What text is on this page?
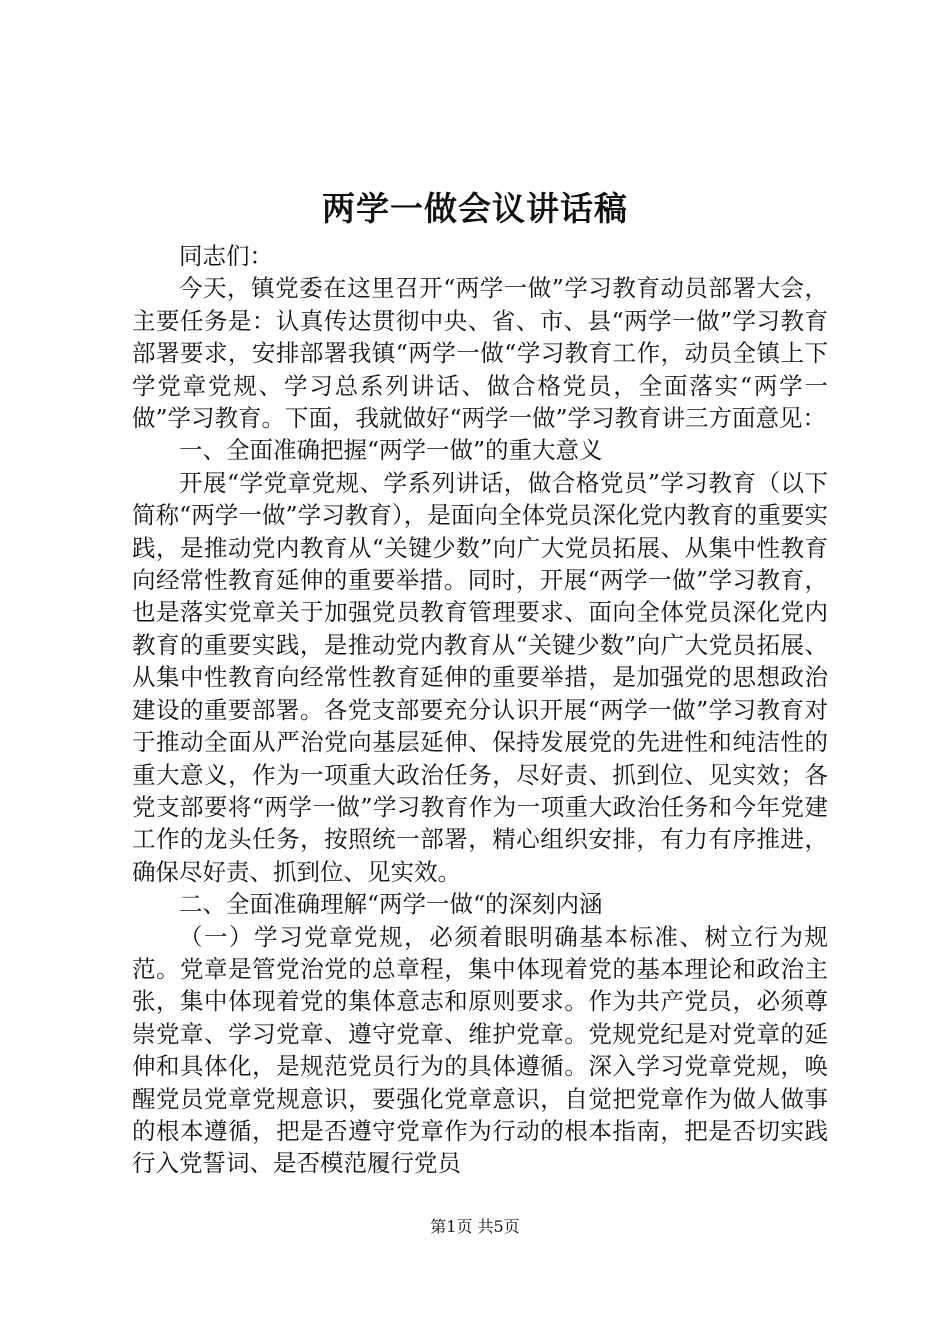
两学一做会议讲话稿

同志们：

今天，镇党委在这里召开“两学一做”学习教育动员部署大会，主要任务是：认真传达贯彻中央、省、市、县“两学一做”学习教育部署要求，安排部署我镇“两学一做“学习教育工作，动员全镇上下学党章党规、学习总系列讲话、做合格党员，全面落实“两学一做”学习教育。下面，我就做好“两学一做”学习教育讲三方面意见：

一、全面准确把握“两学一做”的重大意义

开展“学党章党规、学系列讲话，做合格党员”学习教育（以下简称“两学一做”学习教育），是面向全体党员深化党内教育的重要实践，是推动党内教育从“关键少数”向广大党员拓展、从集中性教育向经常性教育延伸的重要举措。同时，开展“两学一做”学习教育，也是落实党章关于加强党员教育管理要求、面向全体党员深化党内教育的重要实践，是推动党内教育从“关键少数”向广大党员拓展、从集中性教育向经常性教育延伸的重要举措，是加强党的思想政治建设的重要部署。各党支部要充分认识开展“两学一做”学习教育对于推动全面从严治党向基层延伸、保持发展党的先进性和纯洁性的重大意义，作为一项重大政治任务，尽好责、抓到位、见实效；各党支部要将“两学一做”学习教育作为一项重大政治任务和今年党建工作的龙头任务，按照统一部署，精心组织安排，有力有序推进，确保尽好责、抓到位、见实效。

二、全面准确理解“两学一做“的深刻内涵

（一）学习党章党规，必须着眼明确基本标准、树立行为规范。党章是管党治党的总章程，集中体现着党的基本理论和政治主张，集中体现着党的集体意志和原则要求。作为共产党员，必须尊崇党章、学习党章、遵守党章、维护党章。党规党纪是对党章的延伸和具体化，是规范党员行为的具体遵循。深入学习党章党规，唤醒党员党章党规意识，要强化党章意识，自觉把党章作为做人做事的根本遵循，把是否遵守党章作为行动的根本指南，把是否切实践行入党誓词、是否模范履行党员

第1页 共5页
